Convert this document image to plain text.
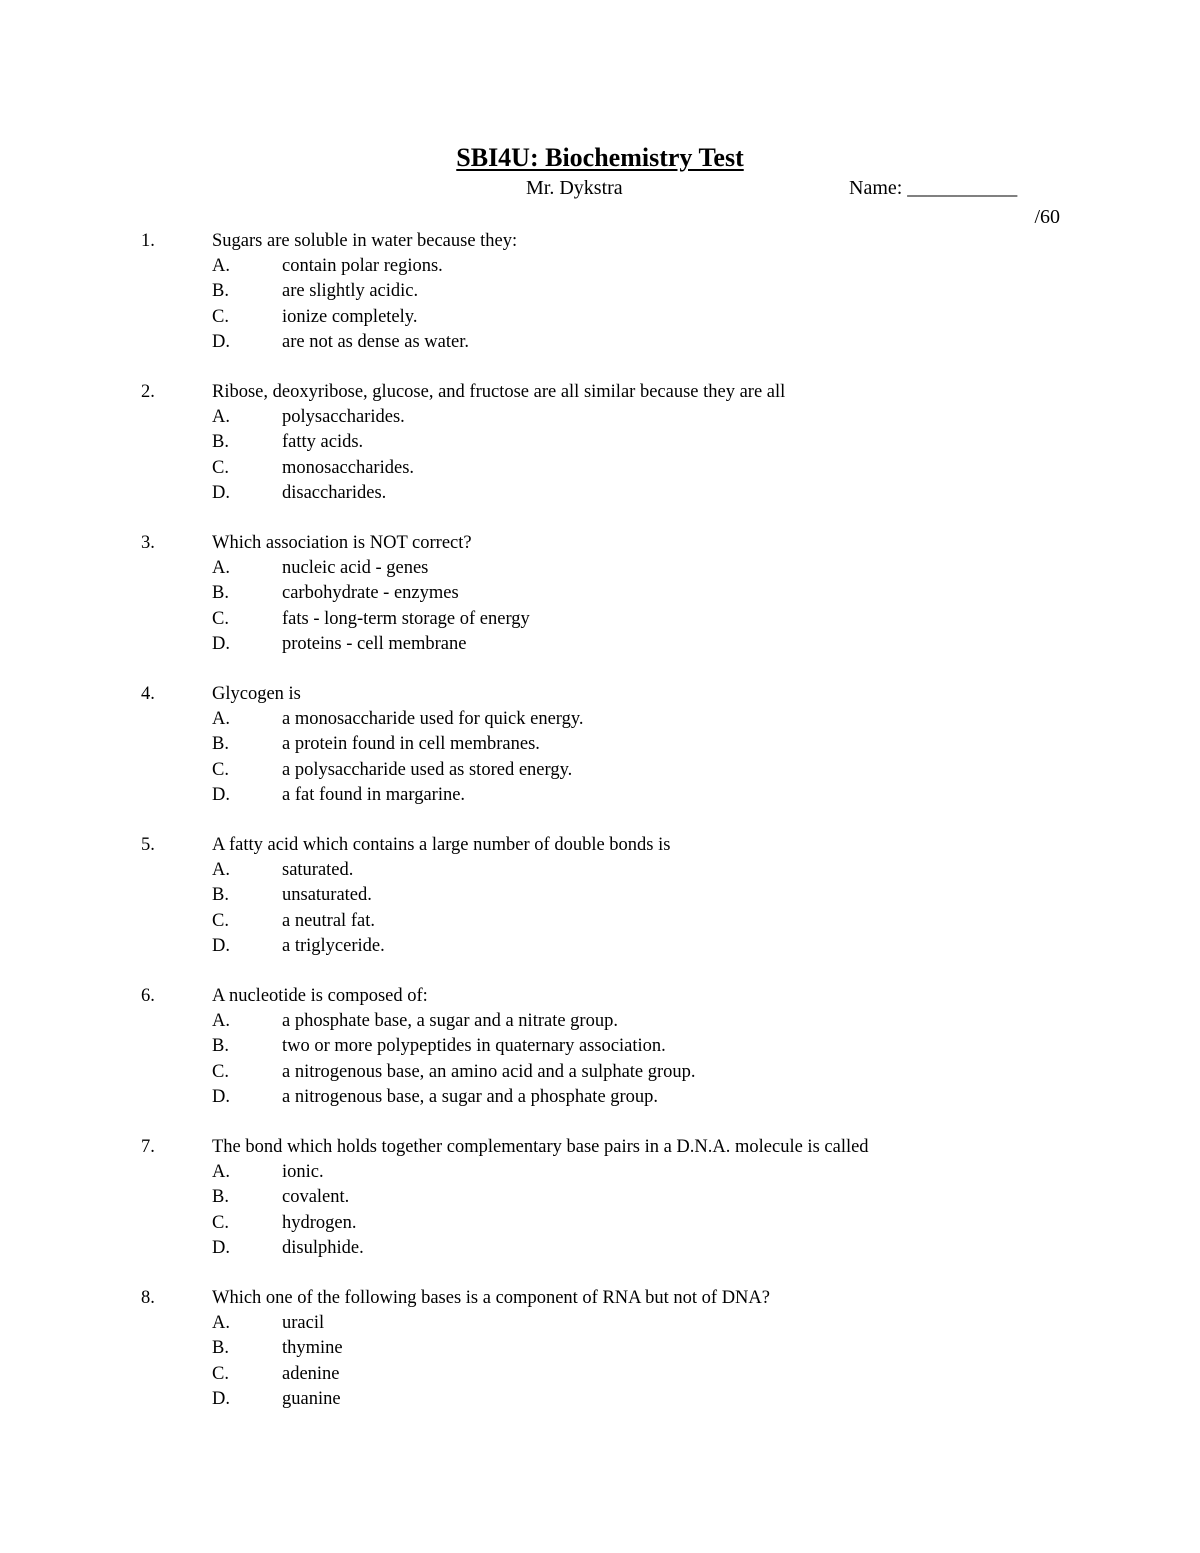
SBI4U: Biochemistry Test
Mr. Dykstra	Name: ___________
/60
1.	Sugars are soluble in water because they:
A.	contain polar regions.
B.	are slightly acidic.
C.	ionize completely.
D.	are not as dense as water.
2.	Ribose, deoxyribose, glucose, and fructose are all similar because they are all
A.	polysaccharides.
B.	fatty acids.
C.	monosaccharides.
D.	disaccharides.
3.	Which association is NOT correct?
A.	nucleic acid - genes
B.	carbohydrate - enzymes
C.	fats - long-term storage of energy
D.	proteins - cell membrane
4.	Glycogen is
A.	a monosaccharide used for quick energy.
B.	a protein found in cell membranes.
C.	a polysaccharide used as stored energy.
D.	a fat found in margarine.
5.	A fatty acid which contains a large number of double bonds is
A.	saturated.
B.	unsaturated.
C.	a neutral fat.
D.	a triglyceride.
6.	A nucleotide is composed of:
A.	a phosphate base, a sugar and a nitrate group.
B.	two or more polypeptides in quaternary association.
C.	a nitrogenous base, an amino acid and a sulphate group.
D.	a nitrogenous base, a sugar and a phosphate group.
7.	The bond which holds together complementary base pairs in a D.N.A. molecule is called
A.	ionic.
B.	covalent.
C.	hydrogen.
D.	disulphide.
8.	Which one of the following bases is a component of RNA but not of DNA?
A.	uracil
B.	thymine
C.	adenine
D.	guanine
